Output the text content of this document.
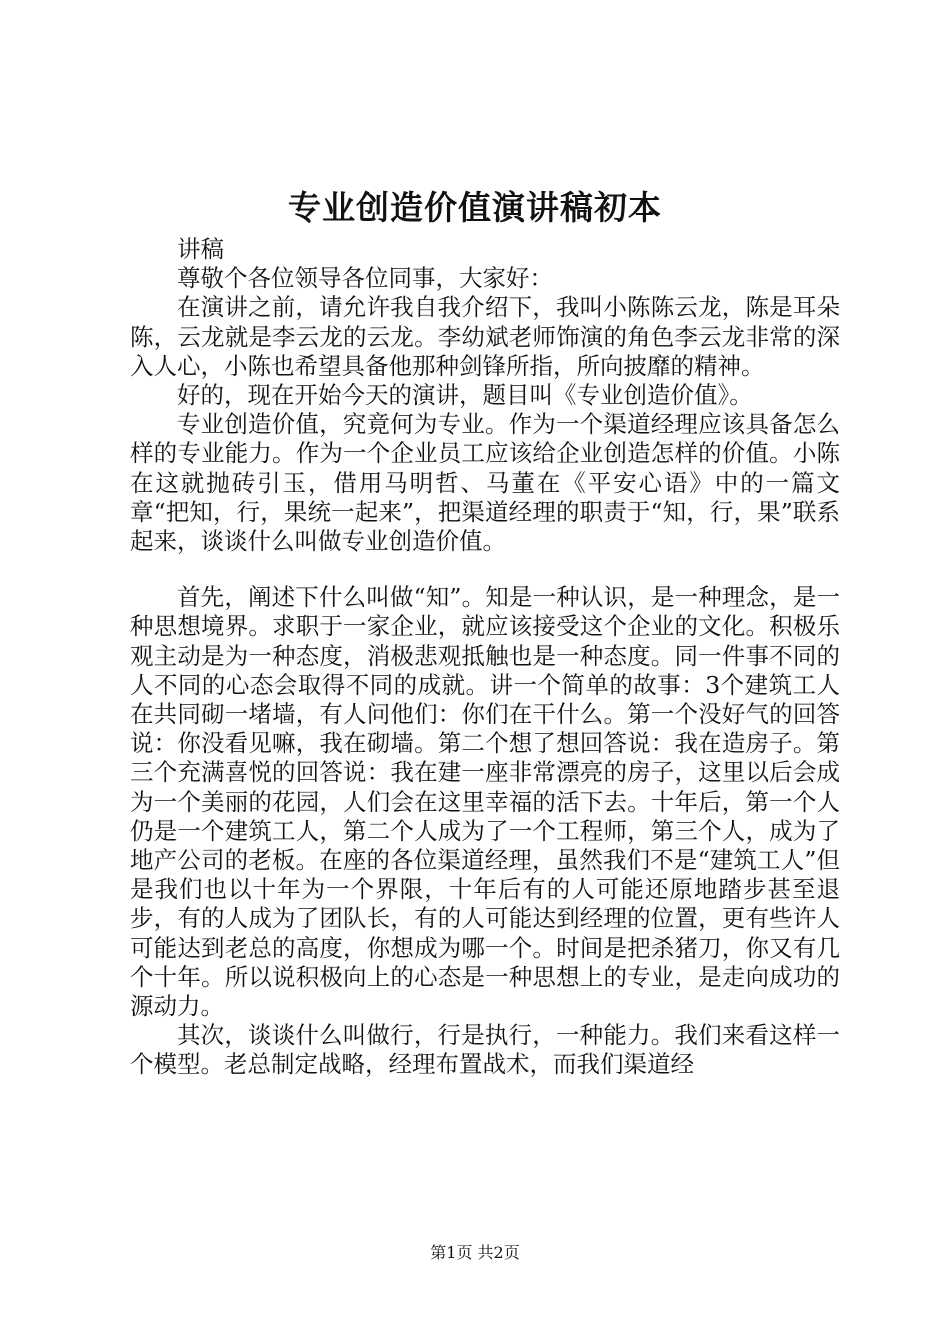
专业创造价值演讲稿初本

讲稿

尊敬个各位领导各位同事，大家好：

在演讲之前，请允许我自我介绍下，我叫小陈陈云龙，陈是耳朵陈，云龙就是李云龙的云龙。李幼斌老师饰演的角色李云龙非常的深入人心，小陈也希望具备他那种剑锋所指，所向披靡的精神。

好的，现在开始今天的演讲，题目叫《专业创造价值》。

专业创造价值，究竟何为专业。作为一个渠道经理应该具备怎么样的专业能力。作为一个企业员工应该给企业创造怎样的价值。小陈在这就抛砖引玉，借用马明哲、马董在《平安心语》中的一篇文章“把知，行，果统一起来”，把渠道经理的职责于“知，行，果”联系起来，谈谈什么叫做专业创造价值。

首先，阐述下什么叫做“知”。知是一种认识，是一种理念，是一种思想境界。求职于一家企业，就应该接受这个企业的文化。积极乐观主动是为一种态度，消极悲观抵触也是一种态度。同一件事不同的人不同的心态会取得不同的成就。讲一个简单的故事：3个建筑工人在共同砌一堵墙，有人问他们：你们在干什么。第一个没好气的回答说：你没看见嘛，我在砌墙。第二个想了想回答说：我在造房子。第三个充满喜悦的回答说：我在建一座非常漂亮的房子，这里以后会成为一个美丽的花园，人们会在这里幸福的活下去。十年后，第一个人仍是一个建筑工人，第二个人成为了一个工程师，第三个人，成为了地产公司的老板。在座的各位渠道经理，虽然我们不是“建筑工人”但是我们也以十年为一个界限，十年后有的人可能还原地踏步甚至退步，有的人成为了团队长，有的人可能达到经理的位置，更有些许人可能达到老总的高度，你想成为哪一个。时间是把杀猪刀，你又有几个十年。所以说积极向上的心态是一种思想上的专业，是走向成功的源动力。

其次，谈谈什么叫做行，行是执行，一种能力。我们来看这样一个模型。老总制定战略，经理布置战术，而我们渠道经

第1页 共2页
